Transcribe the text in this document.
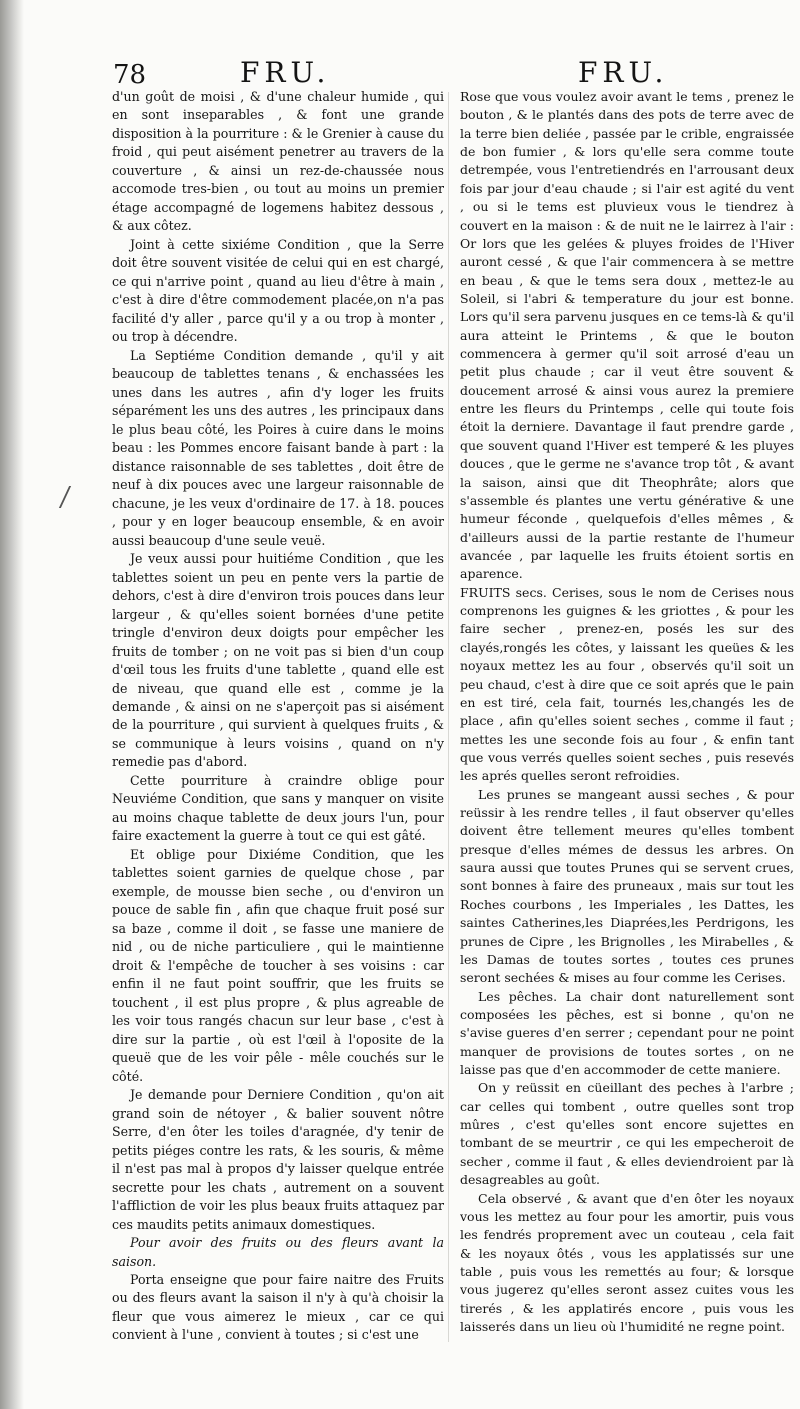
78	FRU.	FRU.

d'un goût de moisi , & d'une chaleur humide , qui en sont inseparables , & font une grande disposition à la pourriture : & le Grenier à cause du froid , qui peut aisément penetrer au travers de la couverture , & ainsi un rez-de-chaussée nous accomode tres-bien , ou tout au moins un premier étage accompagné de logemens habitez dessous , & aux côtez.

Joint à cette sixiéme Condition , que la Serre doit être souvent visitée de celui qui en est chargé, ce qui n'arrive point , quand au lieu d'être à main , c'est à dire d'être commodement placée,on n'a pas facilité d'y aller , parce qu'il y a ou trop à monter , ou trop à décendre.

La Septiéme Condition demande , qu'il y ait beaucoup de tablettes tenans , & enchassées les unes dans les autres , afin d'y loger les fruits séparément les uns des autres , les principaux dans le plus beau côté, les Poires à cuire dans le moins beau : les Pommes encore faisant bande à part : la distance raisonnable de ses tablettes , doit être de neuf à dix pouces avec une largeur raisonnable de chacune, je les veux d'ordinaire de 17. à 18. pouces , pour y en loger beaucoup ensemble, & en avoir aussi beaucoup d'une seule veuë.

Je veux aussi pour huitiéme Condition , que les tablettes soient un peu en pente vers la partie de dehors, c'est à dire d'environ trois pouces dans leur largeur , & qu'elles soient bornées d'une petite tringle d'environ deux doigts pour empêcher les fruits de tomber ; on ne voit pas si bien d'un coup d'œil tous les fruits d'une tablette , quand elle est de niveau, que quand elle est , comme je la demande , & ainsi on ne s'aperçoit pas si aisément de la pourriture , qui survient à quelques fruits , & se communique à leurs voisins , quand on n'y remedie pas d'abord.

Cette pourriture à craindre oblige pour Neuviéme Condition, que sans y manquer on visite au moins chaque tablette de deux jours l'un, pour faire exactement la guerre à tout ce qui est gâté.

Et oblige pour Dixiéme Condition, que les tablettes soient garnies de quelque chose , par exemple, de mousse bien seche , ou d'environ un pouce de sable fin , afin que chaque fruit posé sur sa baze , comme il doit , se fasse une maniere de nid , ou de niche particuliere , qui le maintienne droit & l'empêche de toucher à ses voisins : car enfin il ne faut point souffrir, que les fruits se touchent , il est plus propre , & plus agreable de les voir tous rangés chacun sur leur base , c'est à dire sur la partie , où est l'œil à l'oposite de la queuë que de les voir pêle - mêle couchés sur le côté.

Je demande pour Derniere Condition , qu'on ait grand soin de nétoyer , & balier souvent nôtre Serre, d'en ôter les toiles d'aragnée, d'y tenir de petits piéges contre les rats, & les souris, & même il n'est pas mal à propos d'y laisser quelque entrée secrette pour les chats , autrement on a souvent l'affliction de voir les plus beaux fruits attaquez par ces maudits petits animaux domestiques.

Pour avoir des fruits ou des fleurs avant la saison.

Porta enseigne que pour faire naitre des Fruits ou des fleurs avant la saison il n'y à qu'à choisir la fleur que vous aimerez le mieux , car ce qui convient à l'une , convient à toutes ; si c'est une

Rose que vous voulez avoir avant le tems , prenez le bouton , & le plantés dans des pots de terre avec de la terre bien deliée , passée par le crible, engraissée de bon fumier , & lors qu'elle sera comme toute detrempée, vous l'entretiendrés en l'arrousant deux fois par jour d'eau chaude ; si l'air est agité du vent , ou si le tems est pluvieux vous le tiendrez à couvert en la maison : & de nuit ne le lairrez à l'air : Or lors que les gelées & pluyes froides de l'Hiver auront cessé , & que l'air commencera à se mettre en beau , & que le tems sera doux , mettez-le au Soleil, si l'abri & temperature du jour est bonne. Lors qu'il sera parvenu jusques en ce tems-là & qu'il aura atteint le Printems , & que le bouton commencera à germer qu'il soit arrosé d'eau un petit plus chaude ; car il veut être souvent & doucement arrosé & ainsi vous aurez la premiere entre les fleurs du Printemps , celle qui toute fois étoit la derniere. Davantage il faut prendre garde , que souvent quand l'Hiver est temperé & les pluyes douces , que le germe ne s'avance trop tôt , & avant la saison, ainsi que dit Theophrâte; alors que s'assemble és plantes une vertu générative & une humeur féconde , quelquefois d'elles mêmes , & d'ailleurs aussi de la partie restante de l'humeur avancée , par laquelle les fruits étoient sortis en aparence.

FRUITS secs. Cerises, sous le nom de Cerises nous comprenons les guignes & les griottes , & pour les faire secher , prenez-en, posés les sur des clayés,rongés les côtes, y laissant les queües & les noyaux mettez les au four , observés qu'il soit un peu chaud, c'est à dire que ce soit aprés que le pain en est tiré, cela fait, tournés les,changés les de place , afin qu'elles soient seches , comme il faut ; mettes les une seconde fois au four , & enfin tant que vous verrés quelles soient seches , puis resevés les aprés quelles seront refroidies.

Les prunes se mangeant aussi seches , & pour reüssir à les rendre telles , il faut observer qu'elles doivent être tellement meures qu'elles tombent presque d'elles mémes de dessus les arbres. On saura aussi que toutes Prunes qui se servent crues, sont bonnes à faire des pruneaux , mais sur tout les Roches courbons , les Imperiales , les Dattes, les saintes Catherines,les Diaprées,les Perdrigons, les prunes de Cipre , les Brignolles , les Mirabelles , & les Damas de toutes sortes , toutes ces prunes seront sechées & mises au four comme les Cerises.

Les pêches. La chair dont naturellement sont composées les pêches, est si bonne , qu'on ne s'avise gueres d'en serrer ; cependant pour ne point manquer de provisions de toutes sortes , on ne laisse pas que d'en accommoder de cette maniere.

On y reüssit en cüeillant des peches à l'arbre ; car celles qui tombent , outre quelles sont trop mûres , c'est qu'elles sont encore sujettes en tombant de se meurtrir , ce qui les empecheroit de secher , comme il faut , & elles deviendroient par là desagreables au goût.

Cela observé , & avant que d'en ôter les noyaux vous les mettez au four pour les amortir, puis vous les fendrés proprement avec un couteau , cela fait & les noyaux ôtés , vous les applatissés sur une table , puis vous les remettés au four; & lorsque vous jugerez qu'elles seront assez cuites vous les tirerés , & les applatirés encore , puis vous les laisserés dans un lieu où l'humidité ne regne point.
